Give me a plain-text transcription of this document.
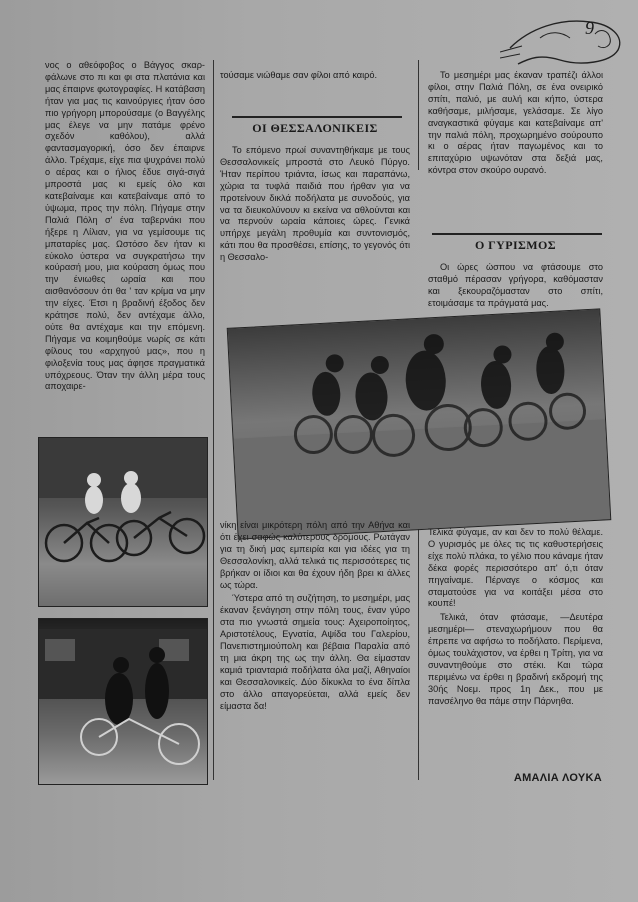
9

νος ο αθεόφοβος ο Βάγγος σκαρ-φάλωνε στο πι και φι στα πλατάνια και μας έπαιρνε φωτογραφίες. Η κατάβαση ήταν για μας τις καινούργιες ήταν όσο πιο γρήγορη μπορούσαμε (ο Βαγγέλης μας έλεγε να μην πατάμε φρένο σχεδόν καθόλου), αλλά φαντασμαγορική, όσο δεν έπαιρνε άλλο. Τρέχαμε, είχε πια ψυχράνει πολύ ο αέρας και ο ήλιος έδυε σιγά-σιγά μπροστά μας κι εμείς όλο και κατεβαίναμε και κατεβαίναμε από το ύψωμα, προς την πόλη. Πήγαμε στην Παλιά Πόλη σ' ένα ταβερνάκι που ήξερε η Λίλιαν, για να γεμίσουμε τις μπαταρίες μας. Ωστόσο δεν ήταν κι εύκολο ύστερα να συγκρατήσω την κούρασή μου, μια κούραση όμως που την ένιωθες ωραία και που αισθανόσουν ότι θα ' ταν κρίμα να μην την είχες. Έτσι η βραδινή έξοδος δεν κράτησε πολύ, δεν αντέχαμε άλλο, ούτε θα αντέχαμε και την επόμενη. Πήγαμε να κοιμηθούμε νωρίς σε κάτι φίλους του «αρχηγού μας», που η φιλοξενία τους μας άφησε πραγματικά υπόχρεους. Όταν την άλλη μέρα τους αποχαιρε-

τούσαμε νιώθαμε σαν φίλοι από καιρό.

ΟΙ ΘΕΣΣΑΛΟΝΙΚΕΙΣ

Το επόμενο πρωί συναντηθήκαμε με τους Θεσσαλονικείς μπροστά στο Λευκό Πύργο. Ήταν περίπου τριάντα, ίσως και παραπάνω, χώρια τα τυφλά παιδιά που ήρθαν για να προτείνουν δικλά ποδήλατα με συνοδούς, για να τα διευκολύνουν κι εκείνα να αθλούνται και να περνούν ωραία κάποιες ώρες. Γενικά υπήρχε μεγάλη προθυμία και συντονισμός, κάτι που θα προσθέσει, επίσης, το γεγονός ότι η Θεσσαλο-

Το μεσημέρι μας έκαναν τραπέζι άλλοι φίλοι, στην Παλιά Πόλη, σε ένα ονειρικό σπίτι, παλιό, με αυλή και κήπο, ύστερα καθήσαμε, μιλήσαμε, γελάσαμε. Σε λίγο αναγκαστικά φύγαμε και κατεβαίναμε απ' την παλιά πόλη, προχωρημένο σούρουπο κι ο αέρας ήταν παγωμένος και το επιταχύριο υψωνόταν στα δεξιά μας, κόντρα στον σκούρο ουρανό.

Ο ΓΥΡΙΣΜΟΣ

Οι ώρες ώσπου να φτάσουμε στο σταθμό πέρασαν γρήγορα, καθόμασταν και ξεκουραζόμασταν στο σπίτι, ετοιμάσαμε τα πράγματά μας.

νίκη είναι μικρότερη πόλη από την Αθήνα και ότι έχει σαφώς καλύτερους δρόμους. Ρωτάγαν για τη δική μας εμπειρία και για ιδέες για τη Θεσσαλονίκη, αλλά τελικά τις περισσότερες τις βρήκαν οι ίδιοι και θα έχουν ήδη βρει κι άλλες ως τώρα.

Ύστερα από τη συζήτηση, το μεσημέρι, μας έκαναν ξενάγηση στην πόλη τους, έναν γύρο στα πιο γνωστά σημεία τους: Αχειροποίητος, Αριστοτέλους, Εγνατία, Αψίδα του Γαλερίου, Πανεπιστημιούπολη και βέβαια Παραλία από τη μια άκρη της ως την άλλη. Θα είμασταν καμιά τριανταριά ποδήλατα όλα μαζί, Αθηναίοι και Θεσσαλονικείς. Δύο δίκυκλα το ένα δίπλα στο άλλο απαγορεύεται, αλλά εμείς δεν είμαστα δα!

Τελικά φύγαμε, αν και δεν το πολύ θέλαμε. Ο γυρισμός με όλες τις τις καθυστερήσεις είχε πολύ πλάκα, το γέλιο που κάναμε ήταν δέκα φορές περισσότερο απ' ό,τι όταν πηγαίναμε. Πέρναγε ο κόσμος και σταματούσε για να κοιτάξει μέσα στο κουπέ!

Τελικά, όταν φτάσαμε, —Δευτέρα μεσημέρι— στεναχωρήμουν που θα έπρεπε να αφήσω το ποδήλατο. Περίμενα, όμως τουλάχιστον, να έρθει η Τρίτη, για να συναντηθούμε στο στέκι. Και τώρα περιμένω να έρθει η βραδινή εκδρομή της 30ής Νοεμ. προς 1η Δεκ., που με πανσέληνο θα πάμε στην Πάρνηθα.

ΑΜΑΛΙΑ ΛΟΥΚΑ
